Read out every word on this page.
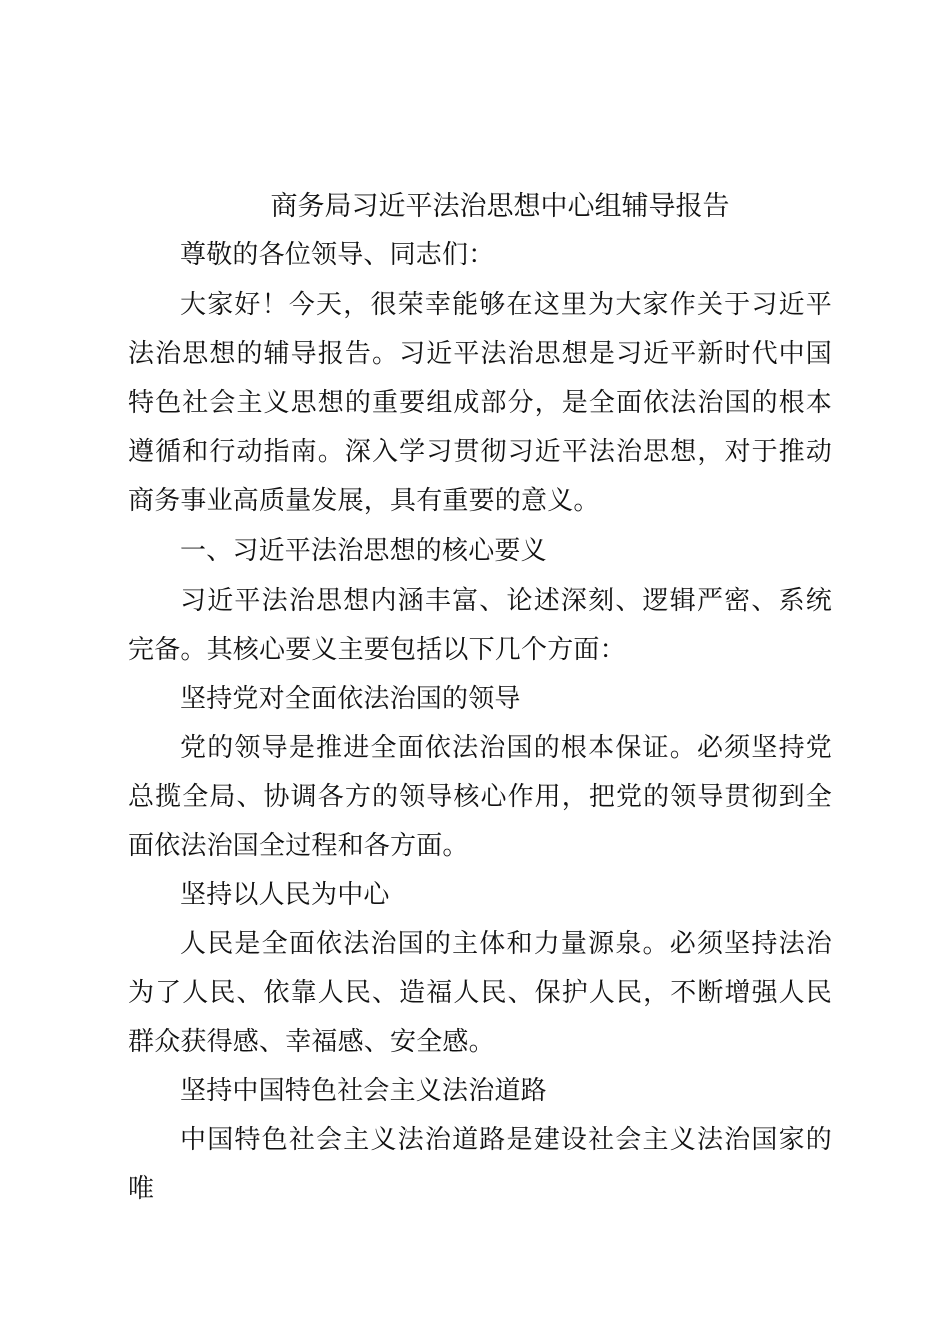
商务局习近平法治思想中心组辅导报告

尊敬的各位领导、同志们：

大家好！今天，很荣幸能够在这里为大家作关于习近平法治思想的辅导报告。习近平法治思想是习近平新时代中国特色社会主义思想的重要组成部分，是全面依法治国的根本遵循和行动指南。深入学习贯彻习近平法治思想，对于推动商务事业高质量发展，具有重要的意义。

一、习近平法治思想的核心要义

习近平法治思想内涵丰富、论述深刻、逻辑严密、系统完备。其核心要义主要包括以下几个方面：

坚持党对全面依法治国的领导

党的领导是推进全面依法治国的根本保证。必须坚持党总揽全局、协调各方的领导核心作用，把党的领导贯彻到全面依法治国全过程和各方面。

坚持以人民为中心

人民是全面依法治国的主体和力量源泉。必须坚持法治为了人民、依靠人民、造福人民、保护人民，不断增强人民群众获得感、幸福感、安全感。

坚持中国特色社会主义法治道路

中国特色社会主义法治道路是建设社会主义法治国家的唯
